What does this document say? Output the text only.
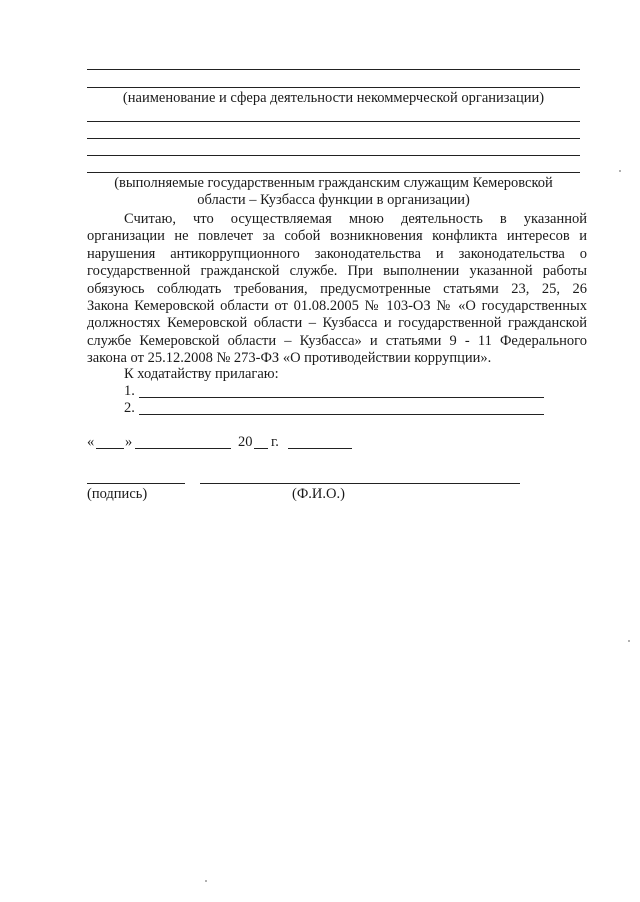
(наименование и сфера деятельности некоммерческой организации)
(выполняемые государственным гражданским служащим Кемеровской
области – Кузбасса функции в организации)
Считаю, что осуществляемая мною деятельность в указанной
организации не повлечет за собой возникновения конфликта интересов и
нарушения антикоррупционного законодательства и законодательства о
государственной гражданской службе. При выполнении указанной работы
обязуюсь соблюдать требования, предусмотренные статьями 23, 25, 26
Закона Кемеровской области от 01.08.2005 № 103-ОЗ № «О государственных
должностях Кемеровской области – Кузбасса и государственной гражданской
службе Кемеровской области – Кузбасса» и статьями 9 - 11 Федерального
закона от 25.12.2008 № 273-ФЗ «О противодействии коррупции».
К ходатайству прилагаю:
1.
2.
« »	20 г.
(подпись)	(Ф.И.О.)
